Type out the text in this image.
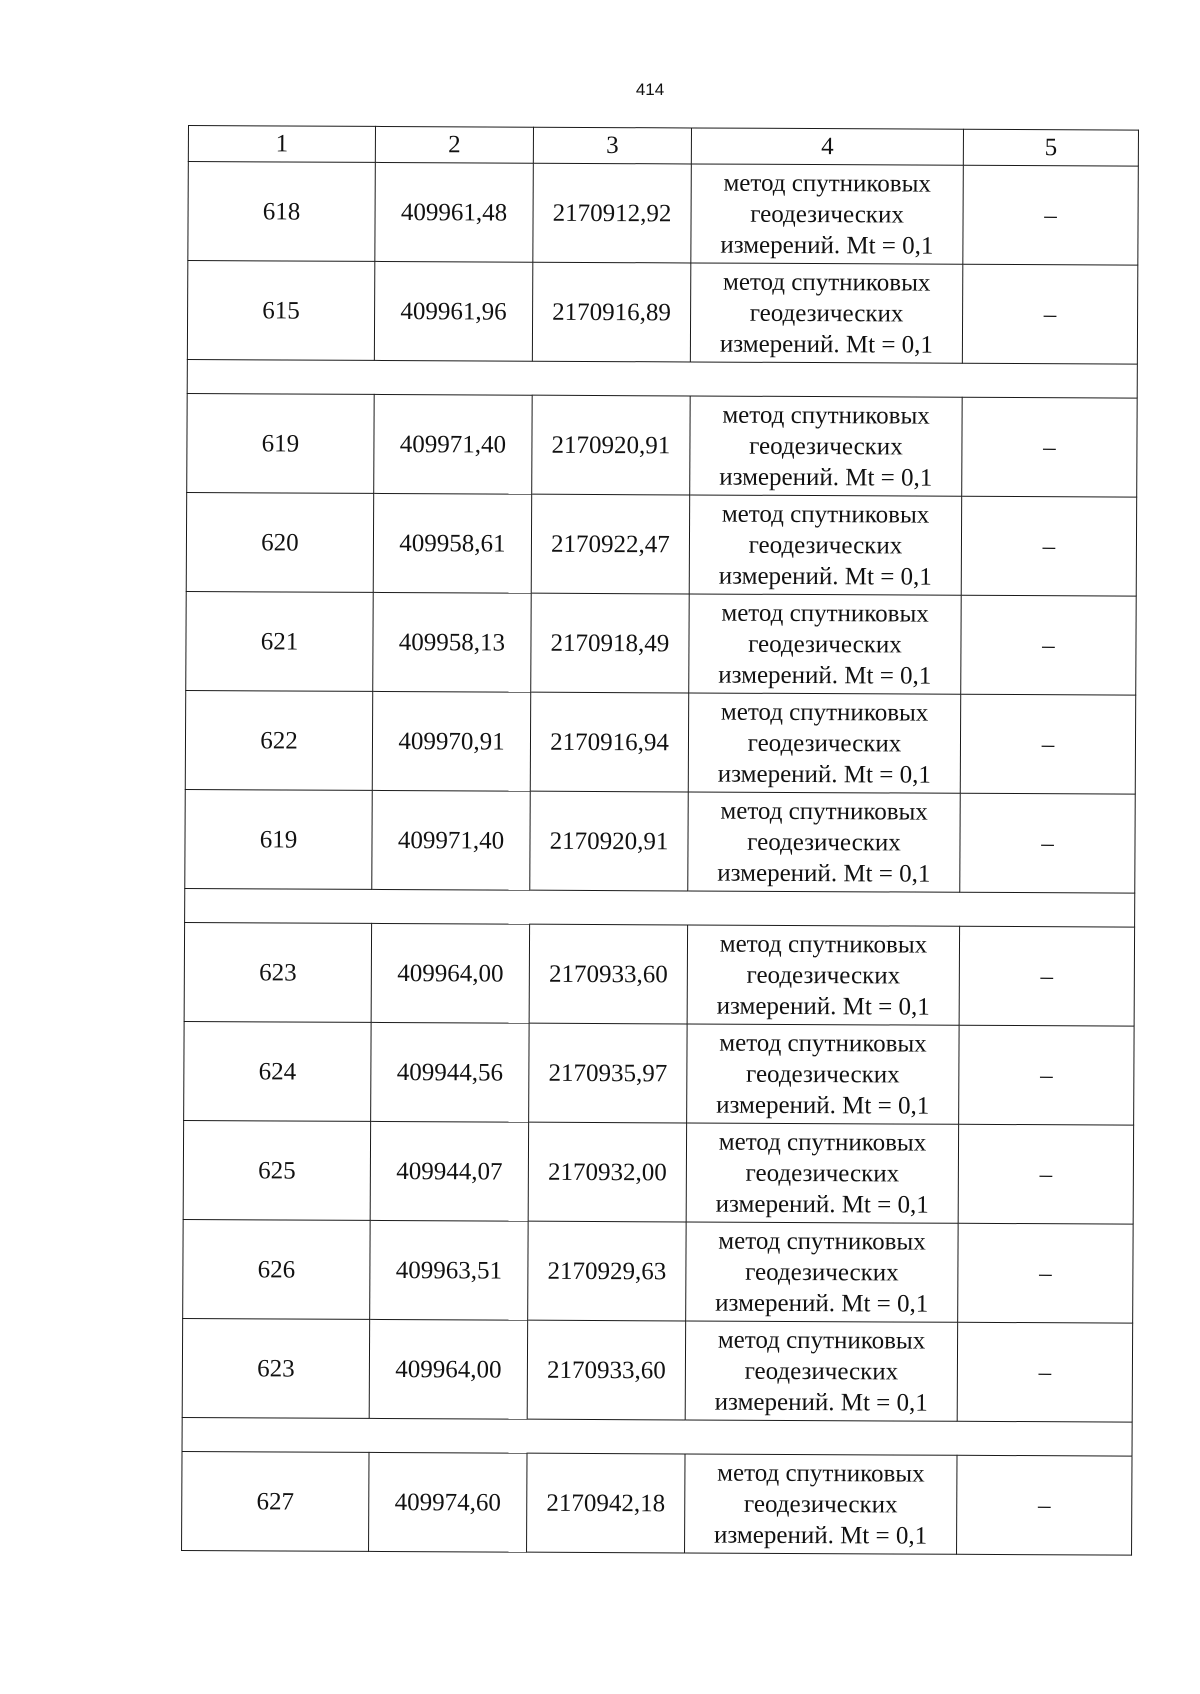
414
1	2	3	4	5
618	409961,48	2170912,92	метод спутниковых
геодезических
измерений. Mt = 0,1	–
615	409961,96	2170916,89	метод спутниковых
геодезических
измерений. Mt = 0,1	–

619	409971,40	2170920,91	метод спутниковых
геодезических
измерений. Mt = 0,1	–
620	409958,61	2170922,47	метод спутниковых
геодезических
измерений. Mt = 0,1	–
621	409958,13	2170918,49	метод спутниковых
геодезических
измерений. Mt = 0,1	–
622	409970,91	2170916,94	метод спутниковых
геодезических
измерений. Mt = 0,1	–
619	409971,40	2170920,91	метод спутниковых
геодезических
измерений. Mt = 0,1	–

623	409964,00	2170933,60	метод спутниковых
геодезических
измерений. Mt = 0,1	–
624	409944,56	2170935,97	метод спутниковых
геодезических
измерений. Mt = 0,1	–
625	409944,07	2170932,00	метод спутниковых
геодезических
измерений. Mt = 0,1	–
626	409963,51	2170929,63	метод спутниковых
геодезических
измерений. Mt = 0,1	–
623	409964,00	2170933,60	метод спутниковых
геодезических
измерений. Mt = 0,1	–

627	409974,60	2170942,18	метод спутниковых
геодезических
измерений. Mt = 0,1	–
